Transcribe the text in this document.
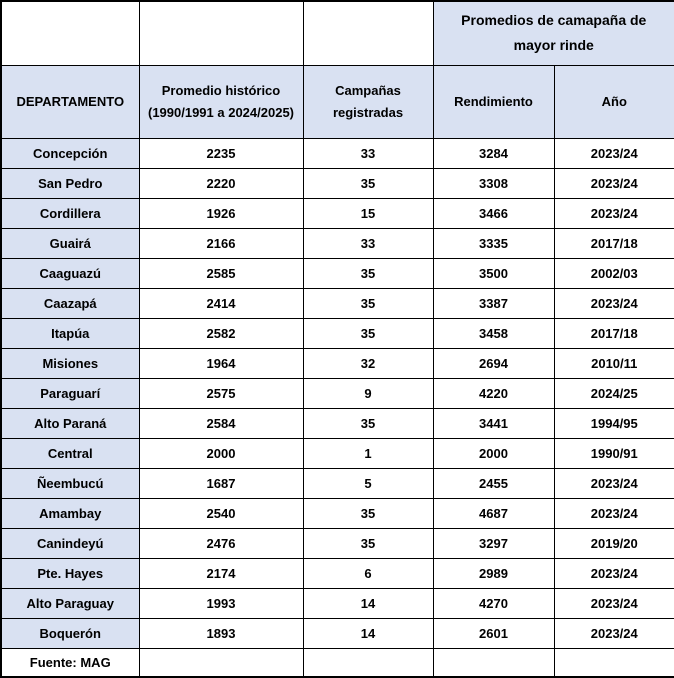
			Promedios de camapaña de mayor rinde	
DEPARTAMENTO	Promedio histórico (1990/1991 a 2024/2025)	Campañas registradas	Rendimiento	Año
Concepción	2235	33	3284	2023/24
San Pedro	2220	35	3308	2023/24
Cordillera	1926	15	3466	2023/24
Guairá	2166	33	3335	2017/18
Caaguazú	2585	35	3500	2002/03
Caazapá	2414	35	3387	2023/24
Itapúa	2582	35	3458	2017/18
Misiones	1964	32	2694	2010/11
Paraguarí	2575	9	4220	2024/25
Alto Paraná	2584	35	3441	1994/95
Central	2000	1	2000	1990/91
Ñeembucú	1687	5	2455	2023/24
Amambay	2540	35	4687	2023/24
Canindeyú	2476	35	3297	2019/20
Pte. Hayes	2174	6	2989	2023/24
Alto Paraguay	1993	14	4270	2023/24
Boquerón	1893	14	2601	2023/24
Fuente: MAG				
